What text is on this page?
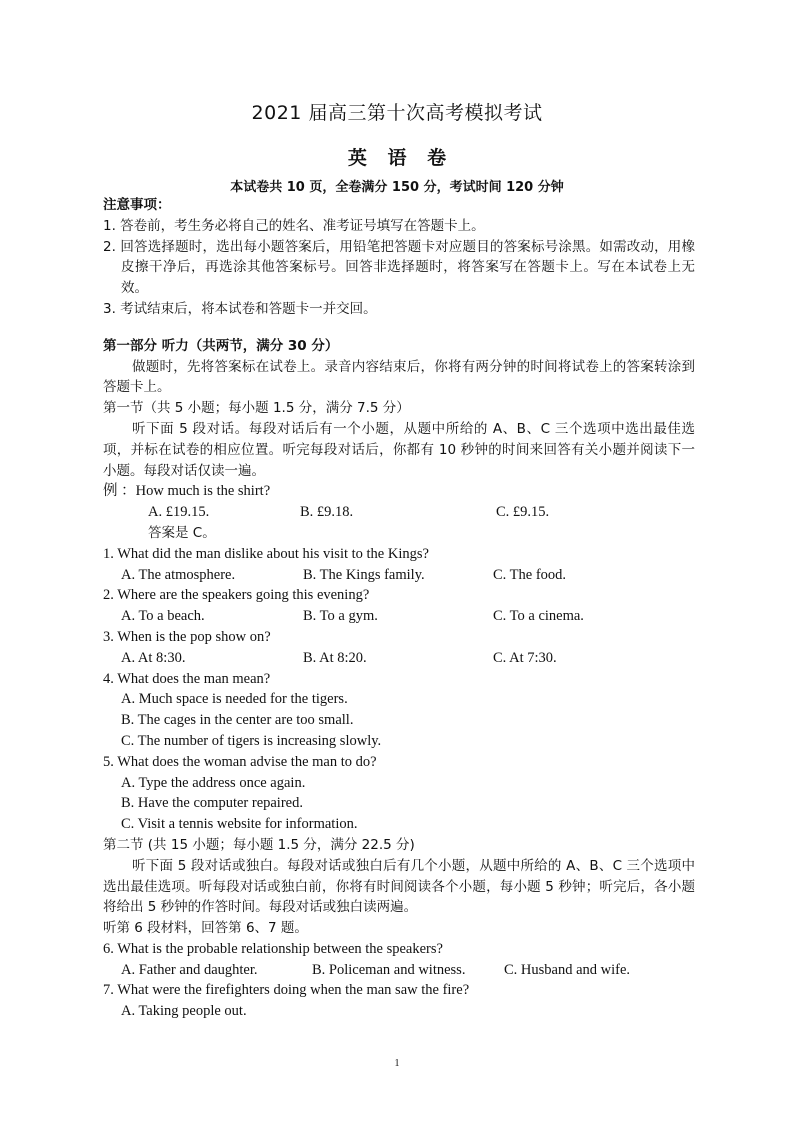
2021 届高三第十次高考模拟考试
英 语 卷
本试卷共 10 页，全卷满分 150 分，考试时间 120 分钟
注意事项：
1. 答卷前，考生务必将自己的姓名、准考证号填写在答题卡上。
2. 回答选择题时，选出每小题答案后，用铅笔把答题卡对应题目的答案标号涂黑。如需改动，用橡皮擦干净后，再选涂其他答案标号。回答非选择题时，将答案写在答题卡上。写在本试卷上无效。
3. 考试结束后，将本试卷和答题卡一并交回。
第一部分 听力（共两节，满分 30 分）
做题时，先将答案标在试卷上。录音内容结束后，你将有两分钟的时间将试卷上的答案转涂到答题卡上。
第一节（共 5 小题；每小题 1.5 分，满分 7.5 分）
听下面 5 段对话。每段对话后有一个小题，从题中所给的 A、B、C 三个选项中选出最佳选项，并标在试卷的相应位置。听完每段对话后，你都有 10 秒钟的时间来回答有关小题并阅读下一小题。每段对话仅读一遍。
例 ：How much is the shirt?
A. £19.15.	B. £9.18.	C. £9.15.
答案是 C。
1. What did the man dislike about his visit to the Kings?
A. The atmosphere.	B. The Kings family.	C. The food.
2. Where are the speakers going this evening?
A. To a beach.	B. To a gym.	C. To a cinema.
3. When is the pop show on?
A. At 8:30.	B. At 8:20.	C. At 7:30.
4. What does the man mean?
A. Much space is needed for the tigers.
B. The cages in the center are too small.
C. The number of tigers is increasing slowly.
5. What does the woman advise the man to do?
A. Type the address once again.
B. Have the computer repaired.
C. Visit a tennis website for information.
第二节 (共 15 小题；每小题 1.5 分，满分 22.5 分)
听下面 5 段对话或独白。每段对话或独白后有几个小题，从题中所给的 A、B、C 三个选项中选出最佳选项。听每段对话或独白前，你将有时间阅读各个小题，每小题 5 秒钟；听完后，各小题将给出 5 秒钟的作答时间。每段对话或独白读两遍。
听第 6 段材料，回答第 6、7 题。
6. What is the probable relationship between the speakers?
A. Father and daughter.	B. Policeman and witness.	C. Husband and wife.
7. What were the firefighters doing when the man saw the fire?
A. Taking people out.
1
